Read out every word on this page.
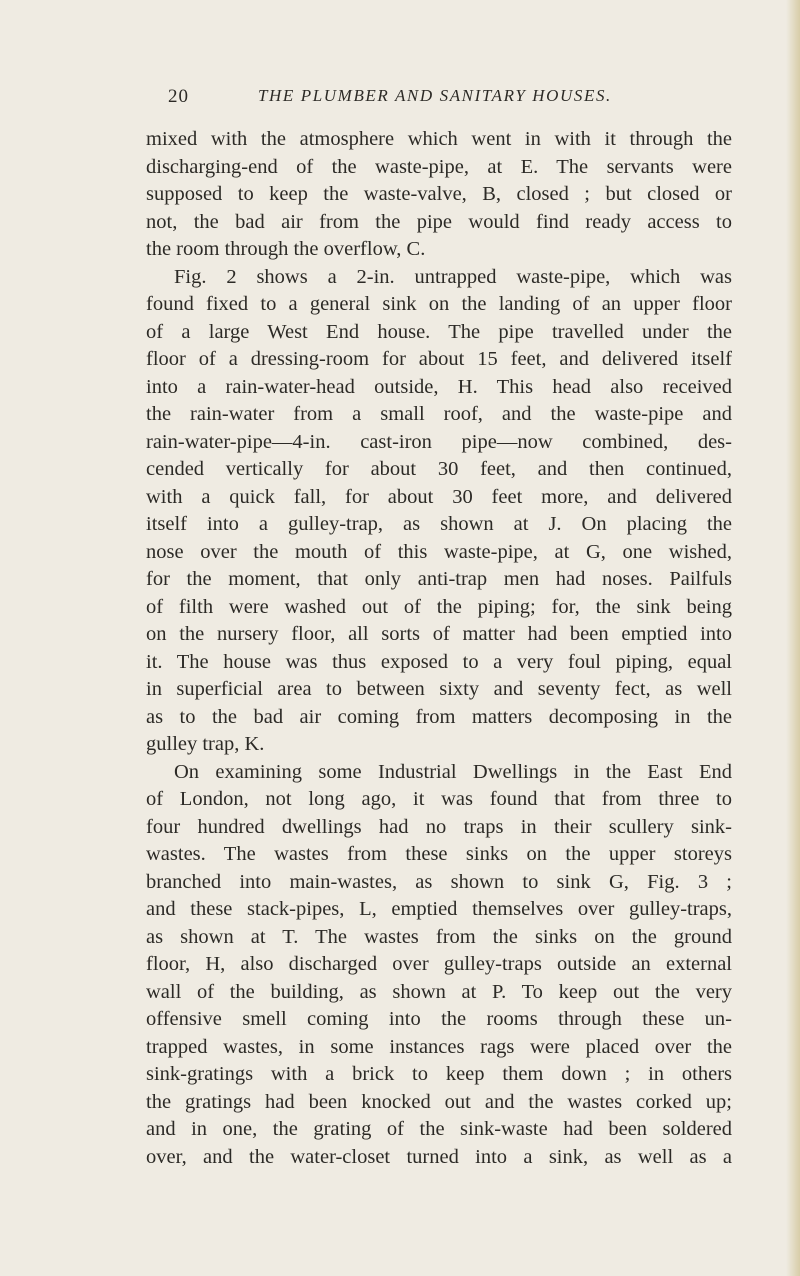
20	THE PLUMBER AND SANITARY HOUSES.
mixed with the atmosphere which went in with it through the
discharging-end of the waste-pipe, at E. The servants were
supposed to keep the waste-valve, B, closed ; but closed or
not, the bad air from the pipe would find ready access to
the room through the overflow, C.
Fig. 2 shows a 2-in. untrapped waste-pipe, which was
found fixed to a general sink on the landing of an upper floor
of a large West End house. The pipe travelled under the
floor of a dressing-room for about 15 feet, and delivered itself
into a rain-water-head outside, H. This head also received
the rain-water from a small roof, and the waste-pipe and
rain-water-pipe—4-in. cast-iron pipe—now combined, des-
cended vertically for about 30 feet, and then continued,
with a quick fall, for about 30 feet more, and delivered
itself into a gulley-trap, as shown at J. On placing the
nose over the mouth of this waste-pipe, at G, one wished,
for the moment, that only anti-trap men had noses. Pailfuls
of filth were washed out of the piping; for, the sink being
on the nursery floor, all sorts of matter had been emptied into
it. The house was thus exposed to a very foul piping, equal
in superficial area to between sixty and seventy fect, as well
as to the bad air coming from matters decomposing in the
gulley trap, K.
On examining some Industrial Dwellings in the East End
of London, not long ago, it was found that from three to
four hundred dwellings had no traps in their scullery sink-
wastes. The wastes from these sinks on the upper storeys
branched into main-wastes, as shown to sink G, Fig. 3 ;
and these stack-pipes, L, emptied themselves over gulley-traps,
as shown at T. The wastes from the sinks on the ground
floor, H, also discharged over gulley-traps outside an external
wall of the building, as shown at P. To keep out the very
offensive smell coming into the rooms through these un-
trapped wastes, in some instances rags were placed over the
sink-gratings with a brick to keep them down ; in others
the gratings had been knocked out and the wastes corked up;
and in one, the grating of the sink-waste had been soldered
over, and the water-closet turned into a sink, as well as a
